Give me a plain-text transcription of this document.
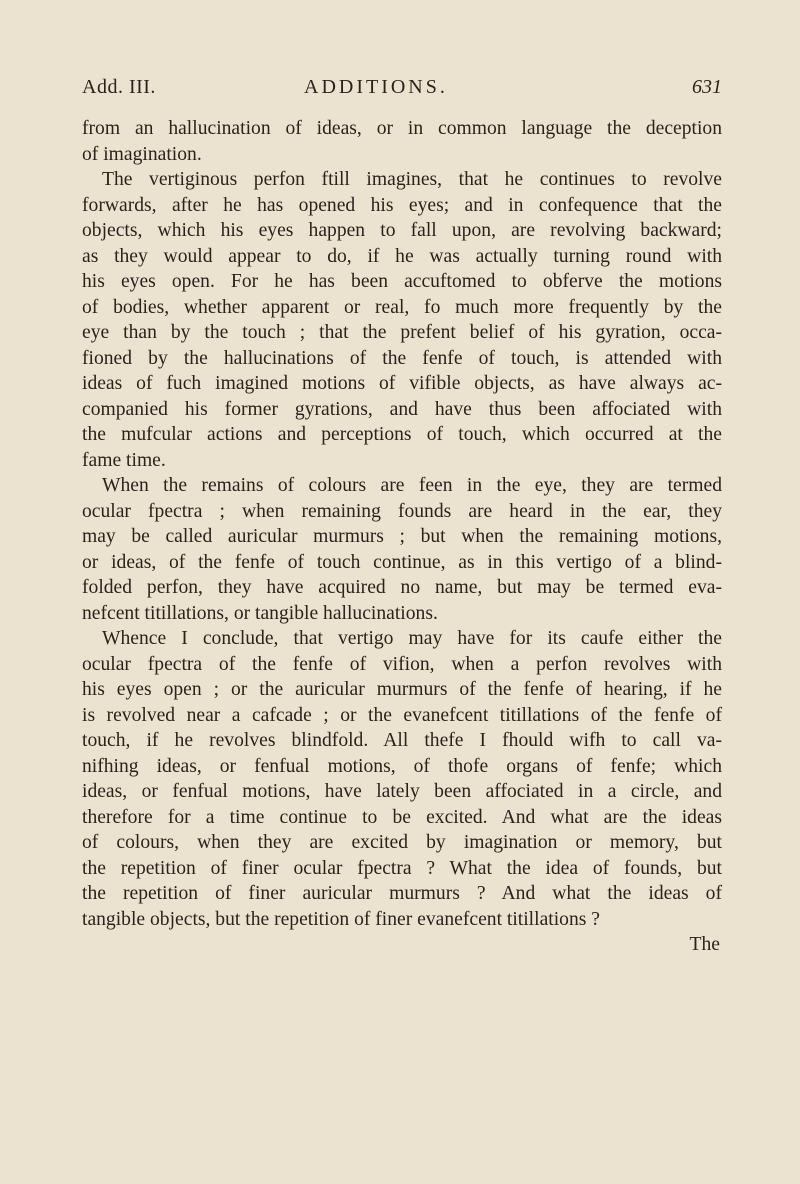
Add. III.	ADDITIONS.	631
from an hallucination of ideas, or in common language the deception
of imagination.
The vertiginous perfon ftill imagines, that he continues to revolve
forwards, after he has opened his eyes; and in confequence that the
objects, which his eyes happen to fall upon, are revolving backward;
as they would appear to do, if he was actually turning round with
his eyes open. For he has been accuftomed to obferve the motions
of bodies, whether apparent or real, fo much more frequently by the
eye than by the touch ; that the prefent belief of his gyration, occa-
fioned by the hallucinations of the fenfe of touch, is attended with
ideas of fuch imagined motions of vifible objects, as have always ac-
companied his former gyrations, and have thus been affociated with
the mufcular actions and perceptions of touch, which occurred at the
fame time.
When the remains of colours are feen in the eye, they are termed
ocular fpectra ; when remaining founds are heard in the ear, they
may be called auricular murmurs ; but when the remaining motions,
or ideas, of the fenfe of touch continue, as in this vertigo of a blind-
folded perfon, they have acquired no name, but may be termed eva-
nefcent titillations, or tangible hallucinations.
Whence I conclude, that vertigo may have for its caufe either the
ocular fpectra of the fenfe of vifion, when a perfon revolves with
his eyes open ; or the auricular murmurs of the fenfe of hearing, if he
is revolved near a cafcade ; or the evanefcent titillations of the fenfe of
touch, if he revolves blindfold. All thefe I fhould wifh to call va-
nifhing ideas, or fenfual motions, of thofe organs of fenfe; which
ideas, or fenfual motions, have lately been affociated in a circle, and
therefore for a time continue to be excited. And what are the ideas
of colours, when they are excited by imagination or memory, but
the repetition of finer ocular fpectra ? What the idea of founds, but
the repetition of finer auricular murmurs ? And what the ideas of
tangible objects, but the repetition of finer evanefcent titillations ?
The
